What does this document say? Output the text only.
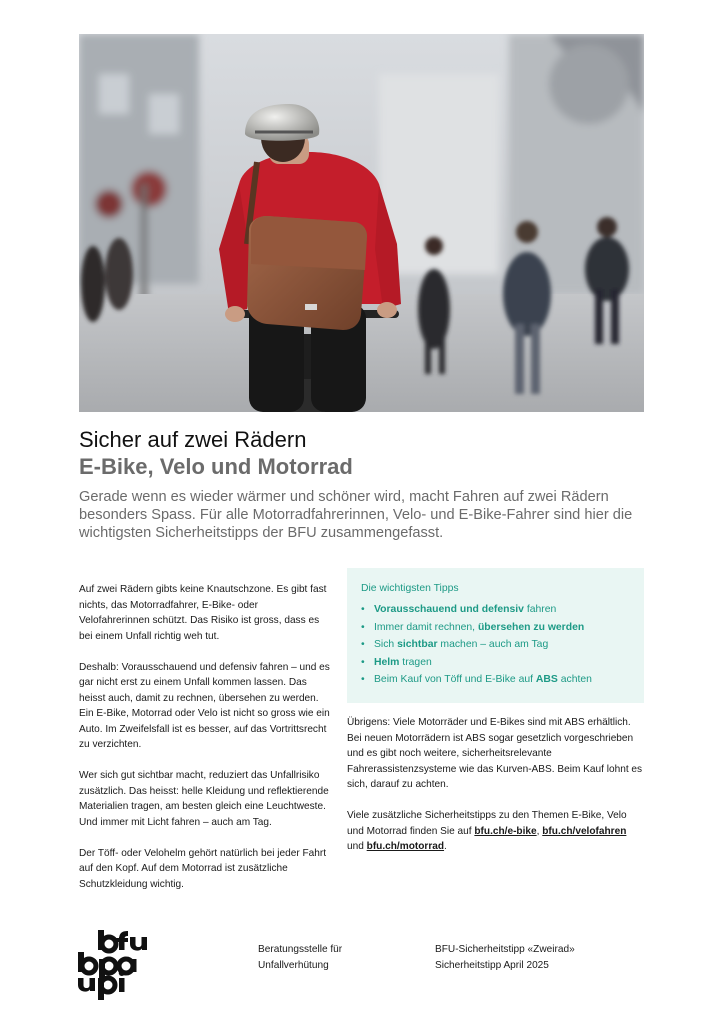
Sicher auf zwei Rädern
E-Bike, Velo und Motorrad

Gerade wenn es wieder wärmer und schöner wird, macht Fahren auf zwei Rädern besonders Spass. Für alle Motorradfahrerinnen, Velo- und E-Bike-Fahrer sind hier die wichtigsten Sicherheitstipps der BFU zusammengefasst.

Auf zwei Rädern gibts keine Knautschzone. Es gibt fast nichts, das Motorradfahrer, E-Bike- oder Velofahrerinnen schützt. Das Risiko ist gross, dass es bei einem Unfall richtig weh tut.

Deshalb: Vorausschauend und defensiv fahren – und es gar nicht erst zu einem Unfall kommen lassen. Das heisst auch, damit zu rechnen, übersehen zu werden. Ein E-Bike, Motorrad oder Velo ist nicht so gross wie ein Auto. Im Zweifelsfall ist es besser, auf das Vortrittsrecht zu verzichten.

Wer sich gut sichtbar macht, reduziert das Unfallrisiko zusätzlich. Das heisst: helle Kleidung und reflektierende Materialien tragen, am besten gleich eine Leuchtweste. Und immer mit Licht fahren – auch am Tag.

Der Töff- oder Velohelm gehört natürlich bei jeder Fahrt auf den Kopf. Auf dem Motorrad ist zusätzliche Schutzkleidung wichtig.

Die wichtigsten Tipps
• Vorausschauend und defensiv fahren
• Immer damit rechnen, übersehen zu werden
• Sich sichtbar machen – auch am Tag
• Helm tragen
• Beim Kauf von Töff und E-Bike auf ABS achten

Übrigens: Viele Motorräder und E-Bikes sind mit ABS erhältlich. Bei neuen Motorrädern ist ABS sogar gesetzlich vorgeschrieben und es gibt noch weitere, sicherheitsrelevante Fahrerassistenzsysteme wie das Kurven-ABS. Beim Kauf lohnt es sich, darauf zu achten.

Viele zusätzliche Sicherheitstipps zu den Themen E-Bike, Velo und Motorrad finden Sie auf bfu.ch/e-bike, bfu.ch/velofahren und bfu.ch/motorrad.

Beratungsstelle für
Unfallverhütung
BFU-Sicherheitstipp «Zweirad»
Sicherheitstipp April 2025
